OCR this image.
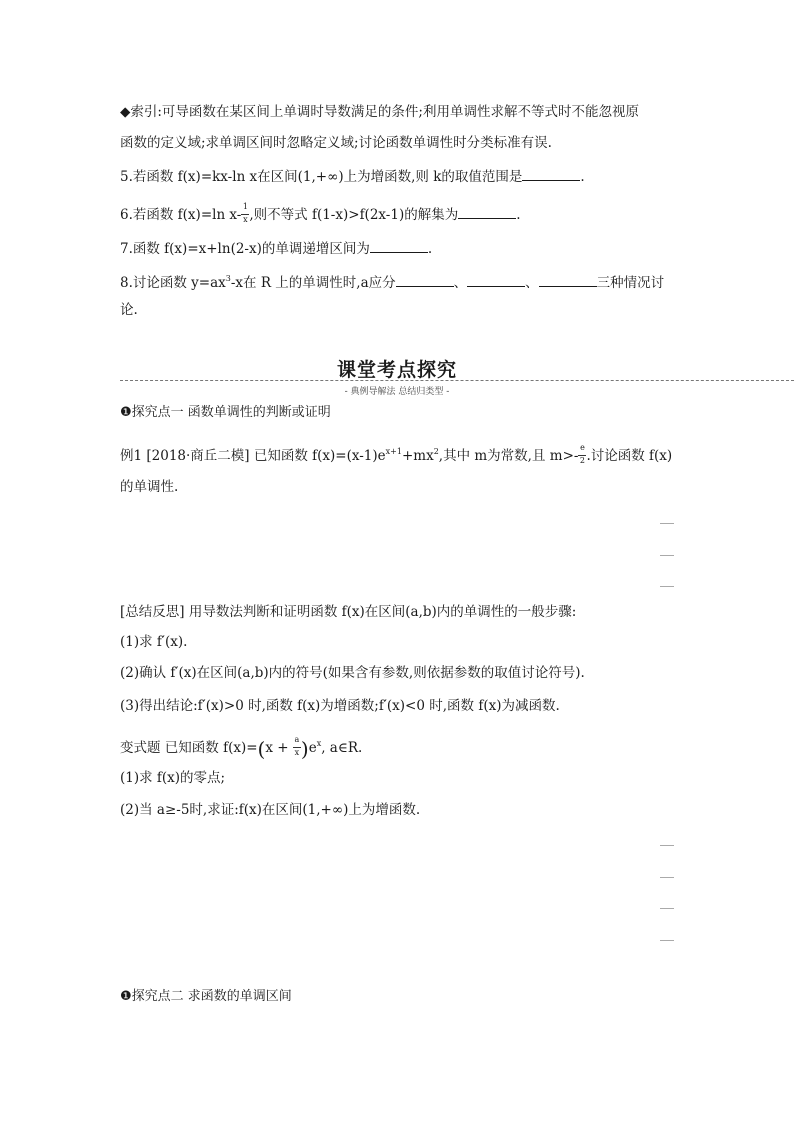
◆索引:可导函数在某区间上单调时导数满足的条件;利用单调性求解不等式时不能忽视原
函数的定义域;求单调区间时忽略定义域;讨论函数单调性时分类标准有误.
5.若函数 f(x)=kx-ln x在区间(1,+∞)上为增函数,则 k的取值范围是	.
6.若函数 f(x)=ln $x- \frac{1}{x}$ ,则不等式 f(1-x)>f(2x-1)的解集为	.
7.函数 f(x)=x+ln(2-x)的单调递增区间为	.
8.讨论函数 $y=ax^3-x$在 R 上的单调性时,a应分	、	、	三种情况讨
论.
课堂考点探究
- 典例导解法 总结归类型 -
❶探究点一 函数单调性的判断或证明
例1 [2018·商丘二模] 已知函数 $f(x)=(x-1)e^{x+1}+mx^2$,其中 m为常数,且 $m>- \frac{e}{2}$ .讨论函数 f(x)
的单调性.
[总结反思] 用导数法判断和证明函数 f(x)在区间(a,b)内的单调性的一般步骤:
(1)求 f′(x).
(2)确认 f′(x)在区间(a,b)内的符号(如果含有参数,则依据参数的取值讨论符号).
(3)得出结论:f′(x)>0 时,函数 f(x)为增函数;f′(x)<0 时,函数 f(x)为减函数.
变式题 已知函数 $f(x)=(x + \frac{a}{x} )e^x$, a∈R.
(1)求 f(x)的零点;
(2)当 a≥-5时,求证:f(x)在区间(1,+∞)上为增函数.
❶探究点二 求函数的单调区间
